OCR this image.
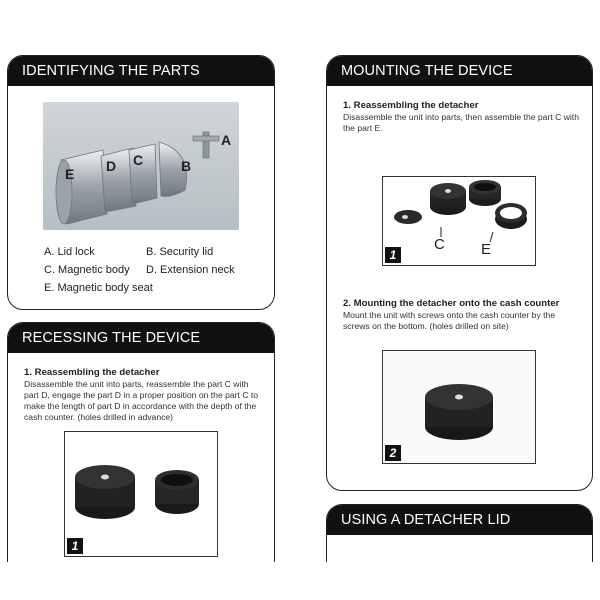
IDENTIFYING THE PARTS
A
B
C
D
E
A. Lid lock	B. Security lid
C. Magnetic body D. Extension neck
E. Magnetic body seat
RECESSING THE DEVICE

1. Reassembling the detacher

Disassemble the unit into parts, reassemble the part C with part D, engage the part D in a proper position on the part C to make the length of part D in accordance with the depth of the cash counter. (holes drilled in advance)

1
MOUNTING THE DEVICE

1. Reassembling the detacher

Disassemble the unit into parts, then assemble the part C with the part E.

C E
1

2. Mounting the detacher onto the cash counter

Mount the unit with screws onto the cash counter by the screws on the bottom. (holes drilled on site)

2
USING A DETACHER LID
